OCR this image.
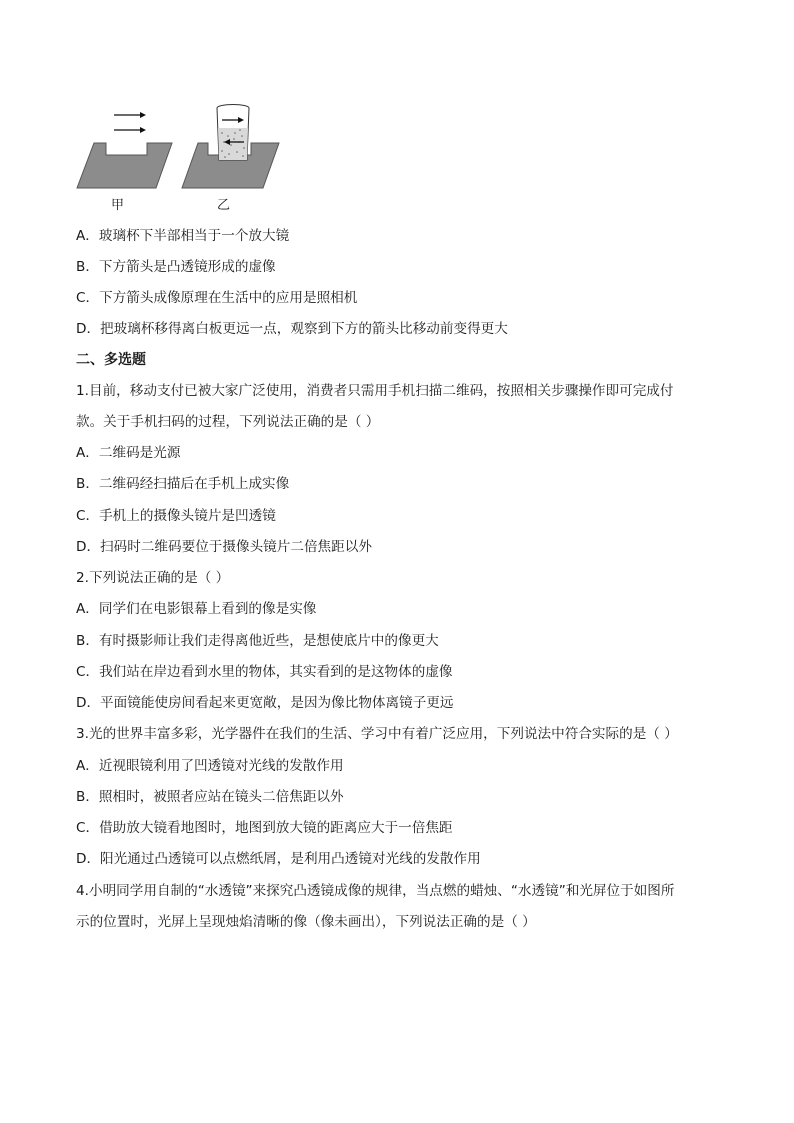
甲	乙
A．玻璃杯下半部相当于一个放大镜
B．下方箭头是凸透镜形成的虚像
C．下方箭头成像原理在生活中的应用是照相机
D．把玻璃杯移得离白板更远一点，观察到下方的箭头比移动前变得更大
二、多选题
1.目前，移动支付已被大家广泛使用，消费者只需用手机扫描二维码，按照相关步骤操作即可完成付
款。关于手机扫码的过程，下列说法正确的是（ ）
A．二维码是光源
B．二维码经扫描后在手机上成实像
C．手机上的摄像头镜片是凹透镜
D．扫码时二维码要位于摄像头镜片二倍焦距以外
2.下列说法正确的是（ ）
A．同学们在电影银幕上看到的像是实像
B．有时摄影师让我们走得离他近些，是想使底片中的像更大
C．我们站在岸边看到水里的物体，其实看到的是这物体的虚像
D．平面镜能使房间看起来更宽敞，是因为像比物体离镜子更远
3.光的世界丰富多彩，光学器件在我们的生活、学习中有着广泛应用，下列说法中符合实际的是（ ）
A．近视眼镜利用了凹透镜对光线的发散作用
B．照相时，被照者应站在镜头二倍焦距以外
C．借助放大镜看地图时，地图到放大镜的距离应大于一倍焦距
D．阳光通过凸透镜可以点燃纸屑，是利用凸透镜对光线的发散作用
4.小明同学用自制的“水透镜”来探究凸透镜成像的规律，当点燃的蜡烛、“水透镜”和光屏位于如图所
示的位置时，光屏上呈现烛焰清晰的像（像未画出），下列说法正确的是（ ）
